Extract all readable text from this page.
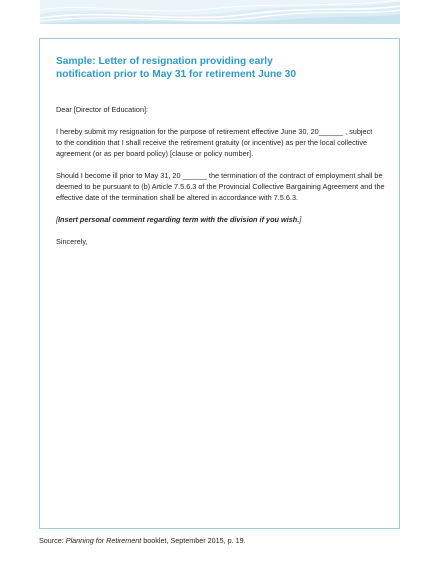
Sample: Letter of resignation providing early
notification prior to May 31 for retirement June 30

Dear [Director of Education]:

I hereby submit my resignation for the purpose of retirement effective June 30, 20______ , subject
to the condition that I shall receive the retirement gratuity (or incentive) as per the local collective
agreement (or as per board policy) [clause or policy number].

Should I become ill prior to May 31, 20 ______ the termination of the contract of employment shall be
deemed to be pursuant to (b) Article 7.5.6.3 of the Provincial Collective Bargaining Agreement and the
effective date of the termination shall be altered in accordance with 7.5.6.3.

[Insert personal comment regarding term with the division if you wish.]

Sincerely,

Source: Planning for Retirement booklet, September 2015, p. 19.
